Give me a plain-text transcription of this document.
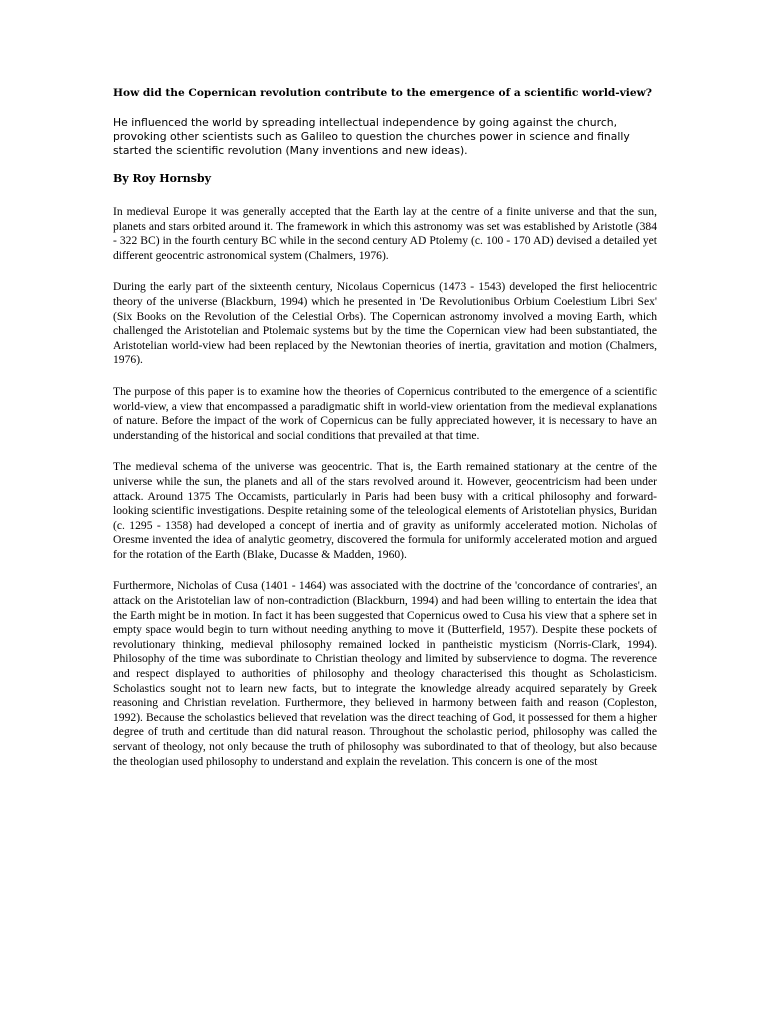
How did the Copernican revolution contribute to the emergence of a scientific world-view?

He influenced the world by spreading intellectual independence by going against the church, provoking other scientists such as Galileo to question the churches power in science and finally started the scientific revolution (Many inventions and new ideas).

By Roy Hornsby

In medieval Europe it was generally accepted that the Earth lay at the centre of a finite universe and that the sun, planets and stars orbited around it. The framework in which this astronomy was set was established by Aristotle (384 - 322 BC) in the fourth century BC while in the second century AD Ptolemy (c. 100 - 170 AD) devised a detailed yet different geocentric astronomical system (Chalmers, 1976).

During the early part of the sixteenth century, Nicolaus Copernicus (1473 - 1543) developed the first heliocentric theory of the universe (Blackburn, 1994) which he presented in 'De Revolutionibus Orbium Coelestium Libri Sex' (Six Books on the Revolution of the Celestial Orbs). The Copernican astronomy involved a moving Earth, which challenged the Aristotelian and Ptolemaic systems but by the time the Copernican view had been substantiated, the Aristotelian world-view had been replaced by the Newtonian theories of inertia, gravitation and motion (Chalmers, 1976).

The purpose of this paper is to examine how the theories of Copernicus contributed to the emergence of a scientific world-view, a view that encompassed a paradigmatic shift in world-view orientation from the medieval explanations of nature. Before the impact of the work of Copernicus can be fully appreciated however, it is necessary to have an understanding of the historical and social conditions that prevailed at that time.

The medieval schema of the universe was geocentric. That is, the Earth remained stationary at the centre of the universe while the sun, the planets and all of the stars revolved around it. However, geocentricism had been under attack. Around 1375 The Occamists, particularly in Paris had been busy with a critical philosophy and forward-looking scientific investigations. Despite retaining some of the teleological elements of Aristotelian physics, Buridan (c. 1295 - 1358) had developed a concept of inertia and of gravity as uniformly accelerated motion. Nicholas of Oresme invented the idea of analytic geometry, discovered the formula for uniformly accelerated motion and argued for the rotation of the Earth (Blake, Ducasse & Madden, 1960).

Furthermore, Nicholas of Cusa (1401 - 1464) was associated with the doctrine of the 'concordance of contraries', an attack on the Aristotelian law of non-contradiction (Blackburn, 1994) and had been willing to entertain the idea that the Earth might be in motion. In fact it has been suggested that Copernicus owed to Cusa his view that a sphere set in empty space would begin to turn without needing anything to move it (Butterfield, 1957). Despite these pockets of revolutionary thinking, medieval philosophy remained locked in pantheistic mysticism (Norris-Clark, 1994). Philosophy of the time was subordinate to Christian theology and limited by subservience to dogma. The reverence and respect displayed to authorities of philosophy and theology characterised this thought as Scholasticism. Scholastics sought not to learn new facts, but to integrate the knowledge already acquired separately by Greek reasoning and Christian revelation. Furthermore, they believed in harmony between faith and reason (Copleston, 1992). Because the scholastics believed that revelation was the direct teaching of God, it possessed for them a higher degree of truth and certitude than did natural reason. Throughout the scholastic period, philosophy was called the servant of theology, not only because the truth of philosophy was subordinated to that of theology, but also because the theologian used philosophy to understand and explain the revelation. This concern is one of the most
